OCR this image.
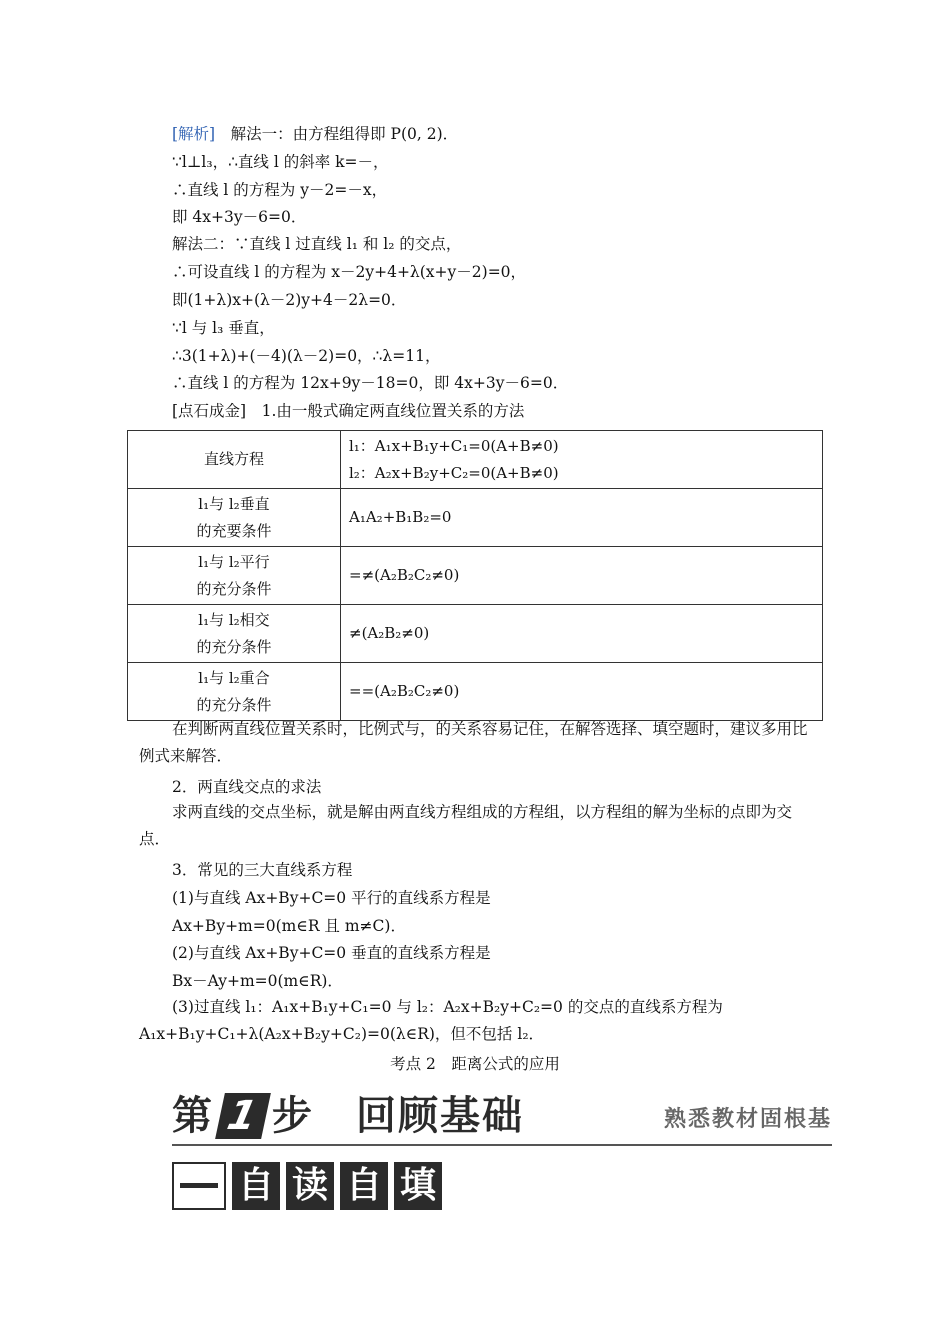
[解析]　解法一：由方程组得即 P(0, 2)．
∵l⊥l₃，∴直线 l 的斜率 k=－，
∴直线 l 的方程为 y－2=－x，
即 4x+3y－6=0．
解法二：∵直线 l 过直线 l₁ 和 l₂ 的交点，
∴可设直线 l 的方程为 x－2y+4+λ(x+y－2)=0，
即(1+λ)x+(λ－2)y+4－2λ=0．
∵l 与 l₃ 垂直，
∴3(1+λ)+(－4)(λ－2)=0，∴λ=11，
∴直线 l 的方程为 12x+9y－18=0，即 4x+3y－6=0．
[点石成金]　1.由一般式确定两直线位置关系的方法
直线方程	l₁：A₁x+B₁y+C₁=0(A+B≠0)
l₂：A₂x+B₂y+C₂=0(A+B≠0)

l₁与 l₂垂直
的充要条件	A₁A₂+B₁B₂=0

l₁与 l₂平行
的充分条件	=≠(A₂B₂C₂≠0)

l₁与 l₂相交
的充分条件	≠(A₂B₂≠0)

l₁与 l₂重合
的充分条件	==(A₂B₂C₂≠0)
在判断两直线位置关系时，比例式与，的关系容易记住，在解答选择、填空题时，建议多用比例式来解答．
2．两直线交点的求法
求两直线的交点坐标，就是解由两直线方程组成的方程组，以方程组的解为坐标的点即为交点．
3．常见的三大直线系方程
(1)与直线 Ax+By+C=0 平行的直线系方程是
Ax+By+m=0(m∈R 且 m≠C)．
(2)与直线 Ax+By+C=0 垂直的直线系方程是
Bx－Ay+m=0(m∈R)．
(3)过直线 l₁：A₁x+B₁y+C₁=0 与 l₂：A₂x+B₂y+C₂=0 的交点的直线系方程为 A₁x+B₁y+C₁+λ(A₂x+B₂y+C₂)=0(λ∈R)，但不包括 l₂．
考点 2　距离公式的应用
第 1 步　回顾基础	熟悉教材固根基
自 读 自 填
